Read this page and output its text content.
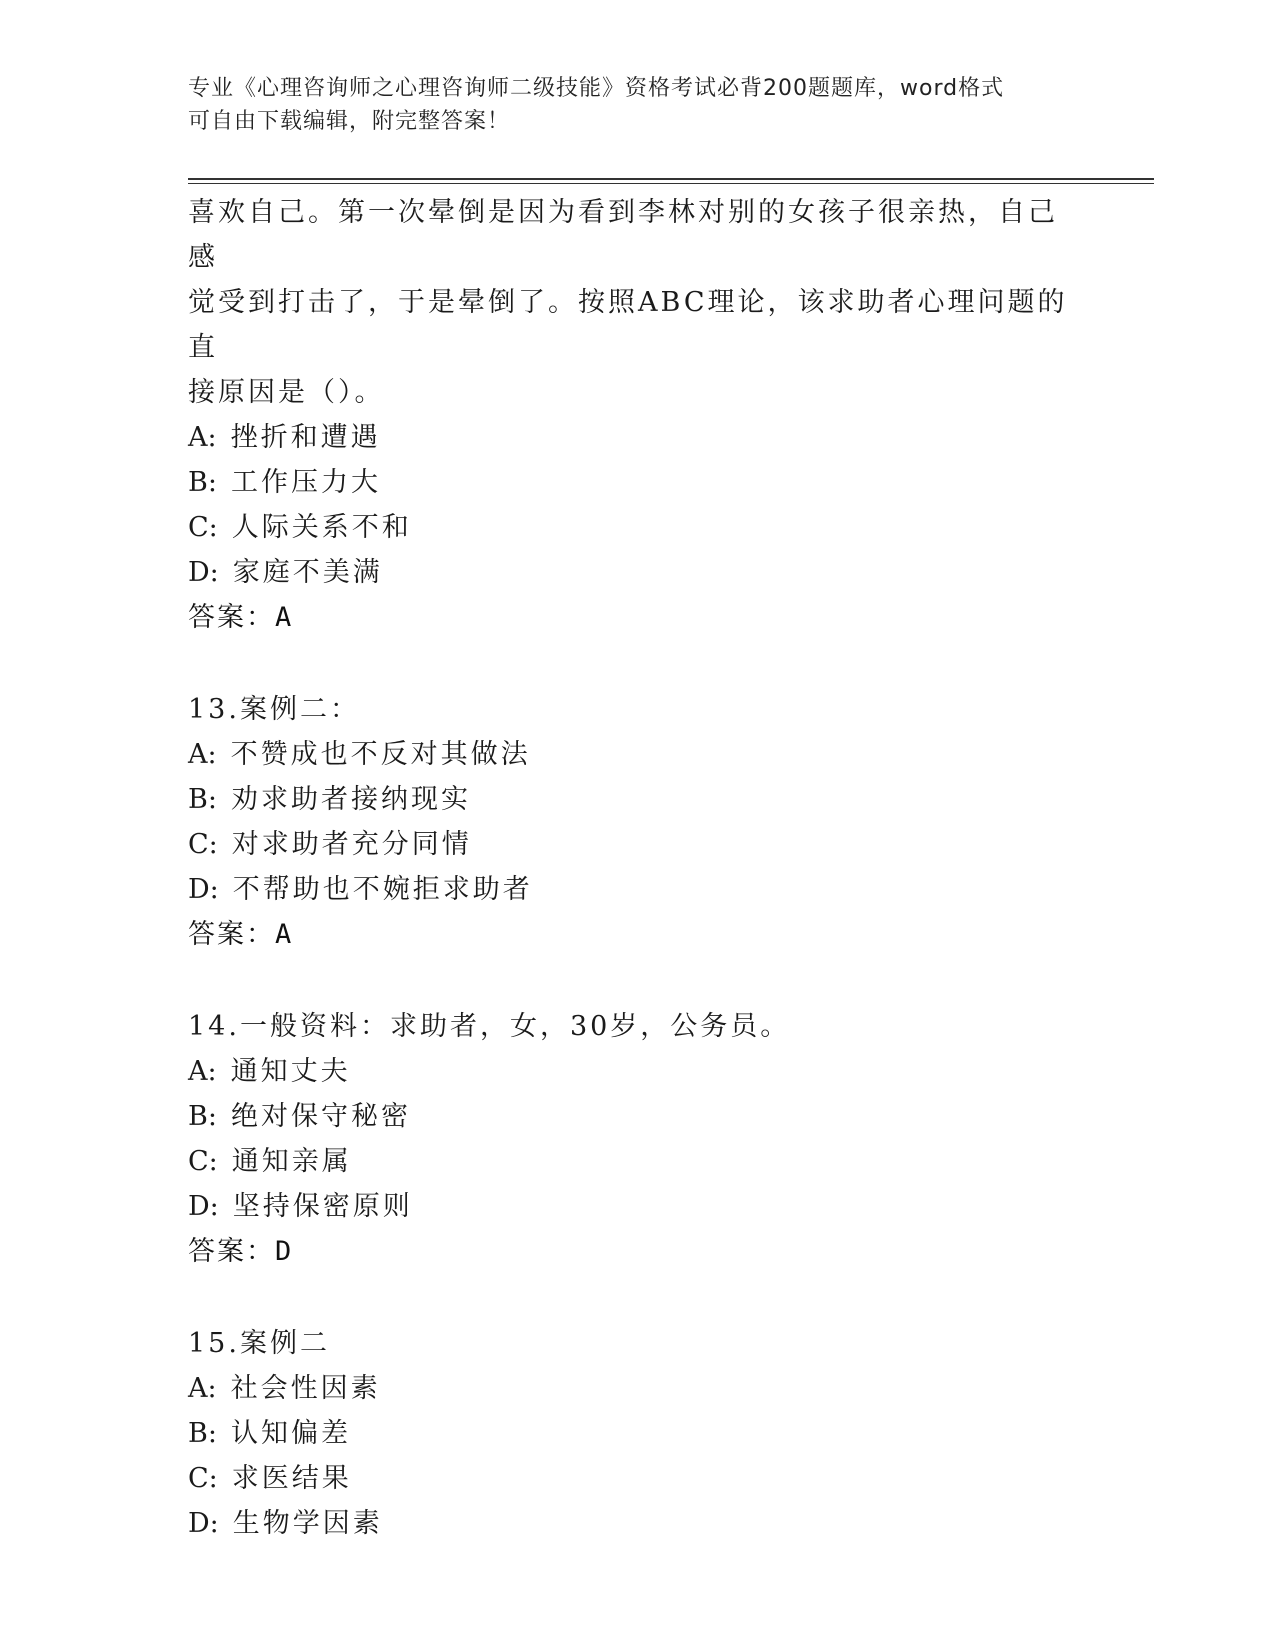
专业《心理咨询师之心理咨询师二级技能》资格考试必背200题题库，word格式
可自由下载编辑，附完整答案！

喜欢自己。第一次晕倒是因为看到李林对别的女孩子很亲热，自己感

觉受到打击了，于是晕倒了。按照ABC理论，该求助者心理问题的直

接原因是（）。

A: 挫折和遭遇

B: 工作压力大

C: 人际关系不和

D: 家庭不美满

答案：A

13.案例二：

A: 不赞成也不反对其做法

B: 劝求助者接纳现实

C: 对求助者充分同情

D: 不帮助也不婉拒求助者

答案：A

14.一般资料：求助者，女，30岁，公务员。

A: 通知丈夫

B: 绝对保守秘密

C: 通知亲属

D: 坚持保密原则

答案：D

15.案例二

A: 社会性因素

B: 认知偏差

C: 求医结果

D: 生物学因素
